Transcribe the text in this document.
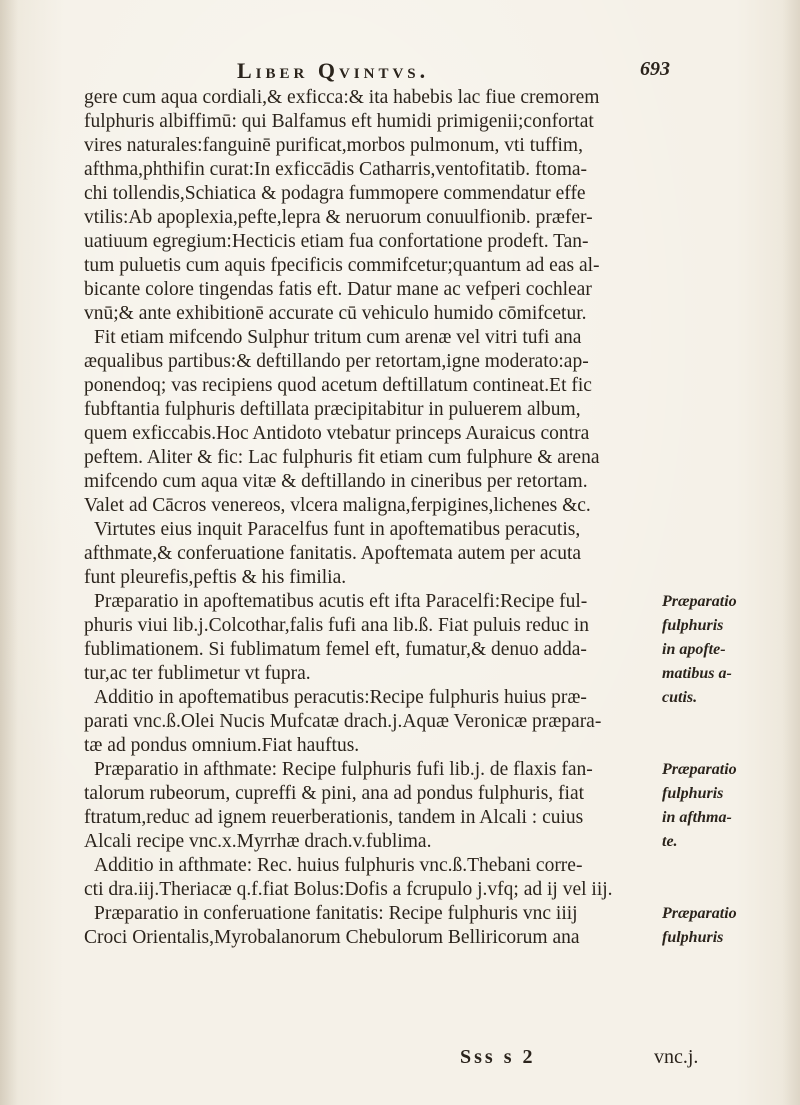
Liber Qvintvs.	693
gere cum aqua cordiali,& exficca:& ita habebis lac fiue cremorem
fulphuris albiffimū: qui Balfamus eft humidi primigenii;confortat
vires naturales:fanguinē purificat,morbos pulmonum, vti tuffim,
afthma,phthifin curat:In exficcādis Catharris,ventofitatib. ftoma-
chi tollendis,Schiatica & podagra fummopere commendatur effe
vtilis:Ab apoplexia,pefte,lepra & neruorum conuulfionib. præfer-
uatiuum egregium:Hecticis etiam fua confortatione prodeft. Tan-
tum puluetis cum aquis fpecificis commifcetur;quantum ad eas al-
bicante colore tingendas fatis eft. Datur mane ac vefperi cochlear
vnū;& ante exhibitionē accurate cū vehiculo humido cōmifcetur.
Fit etiam mifcendo Sulphur tritum cum arenæ vel vitri tufi ana
æqualibus partibus:& deftillando per retortam,igne moderato:ap-
ponendoq; vas recipiens quod acetum deftillatum contineat.Et fic
fubftantia fulphuris deftillata præcipitabitur in puluerem album,
quem exficcabis.Hoc Antidoto vtebatur princeps Auraicus contra
peftem. Aliter & fic: Lac fulphuris fit etiam cum fulphure & arena
mifcendo cum aqua vitæ & deftillando in cineribus per retortam.
Valet ad Cācros venereos, vlcera maligna,ferpigines,lichenes &c.
Virtutes eius inquit Paracelfus funt in apoftematibus peracutis,
afthmate,& conferuatione fanitatis. Apoftemata autem per acuta
funt pleurefis,peftis & his fimilia.
Præparatio in apoftematibus acutis eft ifta Paracelfi:Recipe ful-
phuris viui lib.j.Colcothar,falis fufi ana lib.ß. Fiat puluis reduc in
fublimationem. Si fublimatum femel eft, fumatur,& denuo adda-
tur,ac ter fublimetur vt fupra.
Additio in apoftematibus peracutis:Recipe fulphuris huius præ-
parati vnc.ß.Olei Nucis Mufcatæ drach.j.Aquæ Veronicæ præpara-
tæ ad pondus omnium.Fiat hauftus.
Præparatio in afthmate: Recipe fulphuris fufi lib.j. de flaxis fan-
talorum rubeorum, cupreffi & pini, ana ad pondus fulphuris, fiat
ftratum,reduc ad ignem reuerberationis, tandem in Alcali : cuius
Alcali recipe vnc.x.Myrrhæ drach.v.fublima.
Additio in afthmate: Rec. huius fulphuris vnc.ß.Thebani corre-
cti dra.iij.Theriacæ q.f.fiat Bolus:Dofis a fcrupulo j.vfq; ad ij vel iij.
Præparatio in conferuatione fanitatis: Recipe fulphuris vnc iiij
Croci Orientalis,Myrobalanorum Chebulorum Belliricorum ana
Præparatio
fulphuris
in apofte-
matibus a-
cutis.
Præparatio
fulphuris
in afthma-
te.
Præparatio
fulphuris
Sss s 2	vnc.j.
